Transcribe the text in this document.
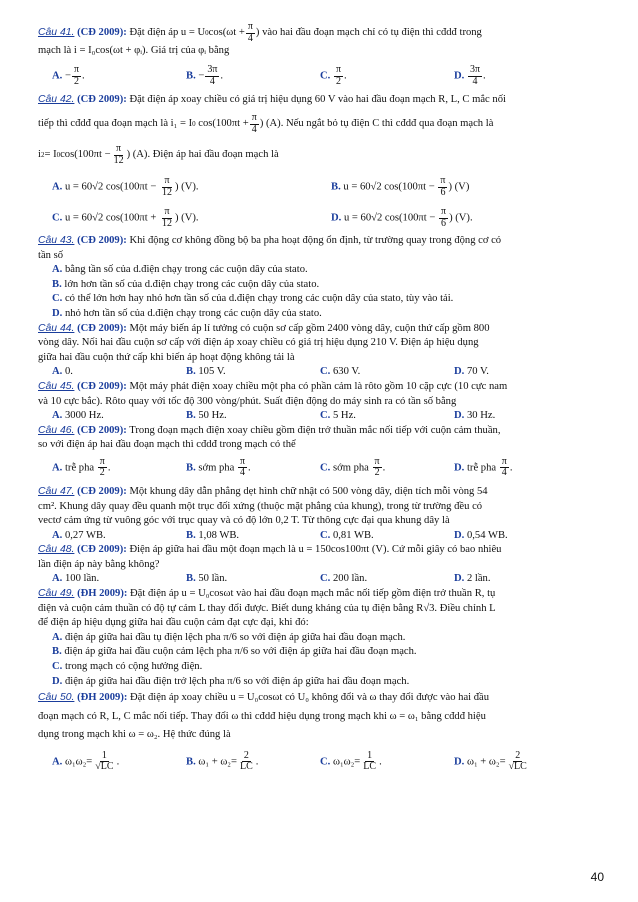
Câu 41.
(CĐ 2009):
Đặt điện áp u = U 0 $\cos(\omega t + \frac{\pi}{4}$ ) vào hai đầu đoạn mạch chỉ có tụ điện thì cđdđ trong
mạch là i = I₀cos(ωt + φᵢ). Giá trị của φᵢ bằng
A. − $\frac{\pi}{2}$ .	B. − $\frac{3\pi}{4}$ .	C. $\frac{\pi}{2}$ .	D. $\frac{3\pi}{4}$ .
Câu 42. (CĐ 2009): Đặt điện áp xoay chiều có giá trị hiệu dụng 60 V vào hai đầu đoạn mạch R, L, C mắc nối
tiếp thì cđdđ qua đoạn mạch là i₁ = I 0
$\cos(100\pi t + \frac{\pi}{4}$ ) (A). Nếu ngắt bỏ tụ điện C thì cđdđ qua đoạn mạch là
i 2 = I 0 $\cos(100\pi t - \frac{\pi}{12}$ ) (A). Điện áp hai đầu đoạn mạch là
A. u = 60√2 $\cos(100\pi t - \frac{\pi}{12}$ ) (V).	B. u = 60√2 $\cos(100\pi t - \frac{\pi}{6}$ ) (V)
C. u = 60√2 $\cos(100\pi t + \frac{\pi}{12}$ ) (V).	D. u = 60√2 $\cos(100\pi t - \frac{\pi}{6}$ ) (V).
Câu 43. (CĐ 2009): Khi động cơ không đồng bộ ba pha hoạt động ổn định, từ trường quay trong động cơ có
tần số
A. bằng tần số của d.điện chạy trong các cuộn dây của stato.
B. lớn hơn tần số của d.điện chạy trong các cuộn dây của stato.
C. có thể lớn hơn hay nhỏ hơn tần số của d.điện chạy trong các cuộn dây của stato, tùy vào tải.
D. nhỏ hơn tần số của d.điện chạy trong các cuộn dây của stato.
Câu 44. (CĐ 2009): Một máy biến áp lí tưởng có cuộn sơ cấp gồm 2400 vòng dây, cuộn thứ cấp gồm 800
vòng dây. Nối hai đầu cuộn sơ cấp với điện áp xoay chiều có giá trị hiệu dụng 210 V. Điện áp hiệu dụng
giữa hai đầu cuộn thứ cấp khi biến áp hoạt động không tải là
A. 0.	B. 105 V.	C. 630 V.	D. 70 V.
Câu 45. (CĐ 2009): Một máy phát điện xoay chiều một pha có phần cảm là rôto gồm 10 cặp cực (10 cực nam
và 10 cực bắc). Rôto quay với tốc độ 300 vòng/phút. Suất điện động do máy sinh ra có tần số bằng
A. 3000 Hz.	B. 50 Hz.	C. 5 Hz.	D. 30 Hz.
Câu 46. (CĐ 2009): Trong đoạn mạch điện xoay chiều gồm điện trở thuần mắc nối tiếp với cuộn cảm thuần,
so với điện áp hai đầu đoạn mạch thì cđdđ trong mạch có thể
A. trễ pha $\frac{\pi}{2}$ .	B. sớm pha $\frac{\pi}{4}$ .	C. sớm pha $\frac{\pi}{2}$ .	D. trễ pha $\frac{\pi}{4}$ .
Câu 47. (CĐ 2009): Một khung dây dẫn phẳng dẹt hình chữ nhật có 500 vòng dây, diện tích mỗi vòng 54
cm². Khung dây quay đều quanh một trục đối xứng (thuộc mặt phẳng của khung), trong từ trường đều có
vectơ cảm ứng từ vuông góc với trục quay và có độ lớn 0,2 T. Từ thông cực đại qua khung dây là
A. 0,27 WB.	B. 1,08 WB.	C. 0,81 WB.	D. 0,54 WB.
Câu 48. (CĐ 2009): Điện áp giữa hai đầu một đoạn mạch là u = 150cos100πt (V). Cứ mỗi giây có bao nhiêu
lần điện áp này bằng không?
A. 100 lần.	B. 50 lần.	C. 200 lần.	D. 2 lần.
Câu 49. (ĐH 2009): Đặt điện áp u = U₀cosωt vào hai đầu đoạn mạch mắc nối tiếp gồm điện trở thuần R, tụ
điện và cuộn cảm thuần có độ tự cảm L thay đổi được. Biết dung kháng của tụ điện bằng R√3. Điều chỉnh L
để điện áp hiệu dụng giữa hai đầu cuộn cảm đạt cực đại, khi đó:
A. điện áp giữa hai đầu tụ điện lệch pha π/6 so với điện áp giữa hai đầu đoạn mạch.
B. điện áp giữa hai đầu cuộn cảm lệch pha π/6 so với điện áp giữa hai đầu đoạn mạch.
C. trong mạch có cộng hưởng điện.
D. điện áp giữa hai đầu điện trở lệch pha π/6 so với điện áp giữa hai đầu đoạn mạch.
Câu 50. (ĐH 2009): Đặt điện áp xoay chiều u = U₀cosωt có U₀ không đổi và ω thay đổi được vào hai đầu
đoạn mạch có R, L, C mắc nối tiếp. Thay đổi ω thì cđdđ hiệu dụng trong mạch khi ω = ω₁ bằng cđdđ hiệu
dụng trong mạch khi ω = ω₂. Hệ thức đúng là
A. $\omega_1\omega_2= \frac{1}{√LC}$ .	B. $\omega_1 + \omega_2= \frac{2}{LC}$ .	C. $\omega_1\omega_2= \frac{1}{LC}$ .	D. $\omega_1 + \omega_2= \frac{2}{√LC}$
40
